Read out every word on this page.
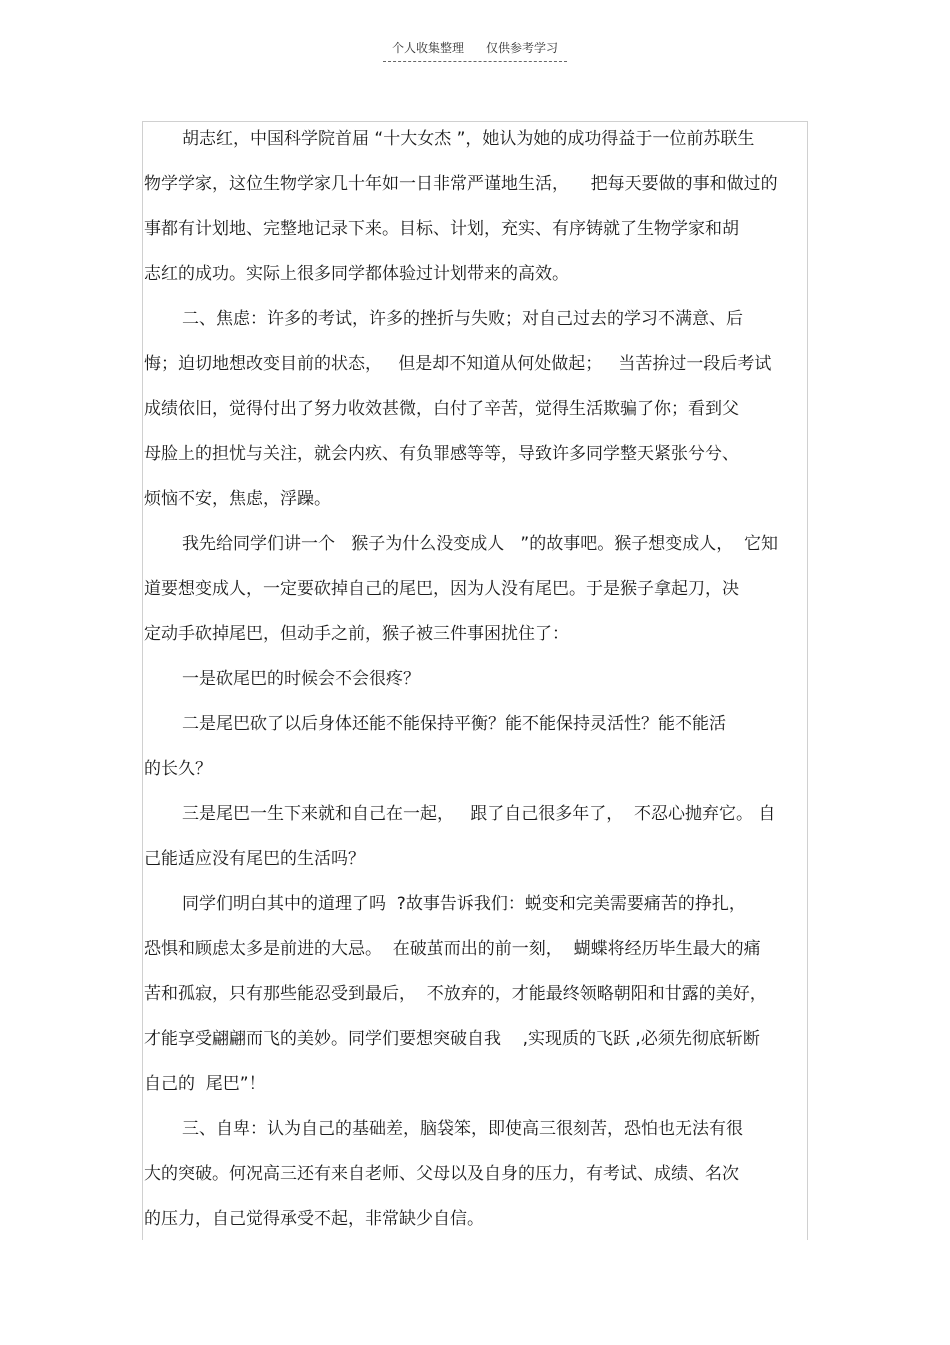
个人收集整理 仅供参考学习
胡志红，中国科学院首届 “十大女杰 ”，她认为她的成功得益于一位前苏联生
物学学家，这位生物学家几十年如一日非常严谨地生活，    把每天要做的事和做过的
事都有计划地、完整地记录下来。目标、计划，充实、有序铸就了生物学家和胡
志红的成功。实际上很多同学都体验过计划带来的高效。
二、焦虑：许多的考试，许多的挫折与失败；对自己过去的学习不满意、后
悔；迫切地想改变目前的状态，   但是却不知道从何处做起；   当苦拚过一段后考试
成绩依旧，觉得付出了努力收效甚微，白付了辛苦，觉得生活欺骗了你；看到父
母脸上的担忧与关注，就会内疚、有负罪感等等，导致许多同学整天紧张兮兮、
烦恼不安，焦虑，浮躁。
我先给同学们讲一个   猴子为什么没变成人   ”的故事吧。猴子想变成人，  它知
道要想变成人，一定要砍掉自己的尾巴，因为人没有尾巴。于是猴子拿起刀，决
定动手砍掉尾巴，但动手之前，猴子被三件事困扰住了：
一是砍尾巴的时候会不会很疼？
二是尾巴砍了以后身体还能不能保持平衡？能不能保持灵活性？能不能活
的长久？
三是尾巴一生下来就和自己在一起，   跟了自己很多年了，  不忍心抛弃它。 自
己能适应没有尾巴的生活吗？
同学们明白其中的道理了吗  ?故事告诉我们：蜕变和完美需要痛苦的挣扎，
恐惧和顾虑太多是前进的大忌。  在破茧而出的前一刻，  蝴蝶将经历毕生最大的痛
苦和孤寂，只有那些能忍受到最后，  不放弃的，才能最终领略朝阳和甘露的美好，
才能享受翩翩而飞的美妙。同学们要想突破自我    ,实现质的飞跃 ,必须先彻底斩断
自己的  尾巴”！
三、自卑：认为自己的基础差，脑袋笨，即使高三很刻苦，恐怕也无法有很
大的突破。何况高三还有来自老师、父母以及自身的压力，有考试、成绩、名次
的压力，自己觉得承受不起，非常缺少自信。
